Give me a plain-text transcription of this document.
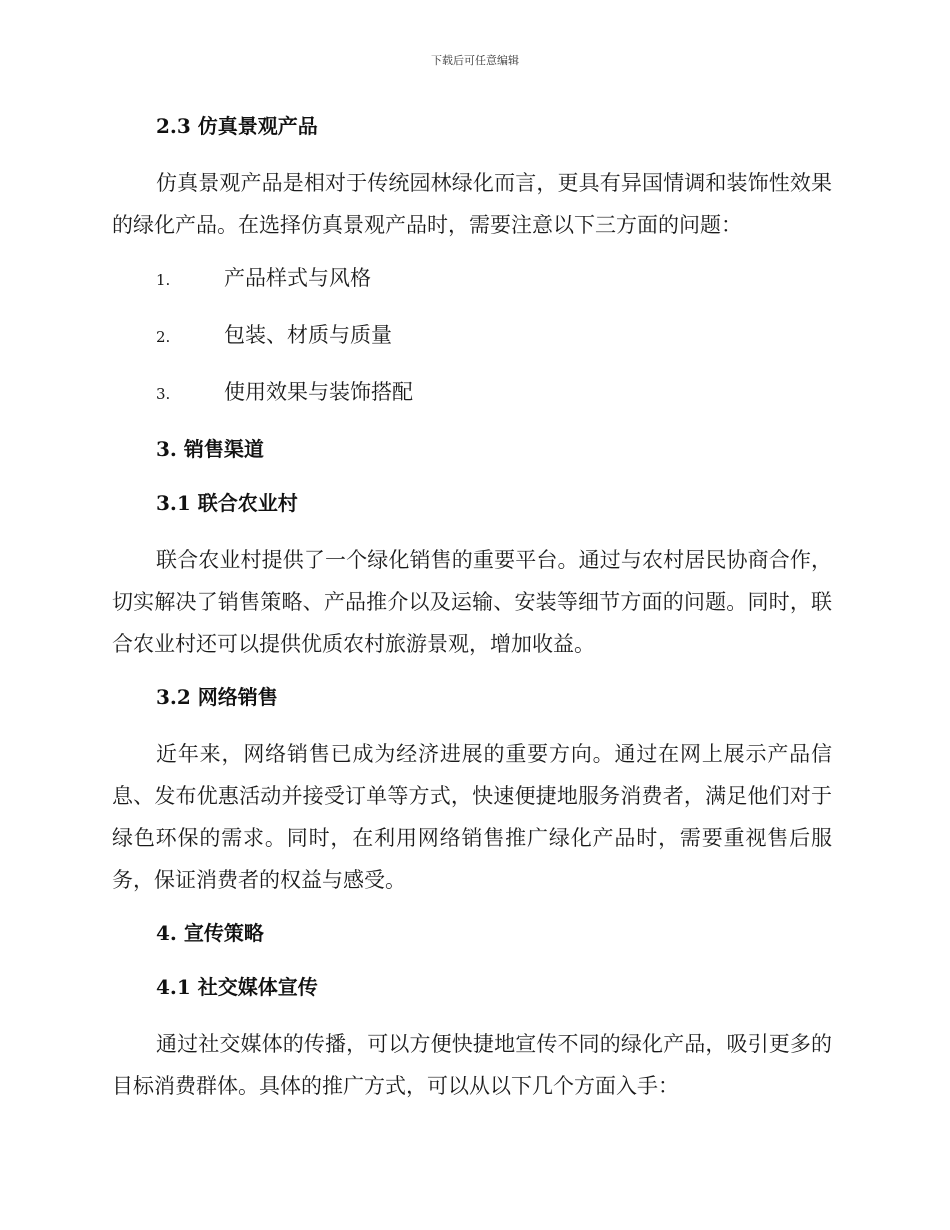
下载后可任意编辑
2.3 仿真景观产品

仿真景观产品是相对于传统园林绿化而言，更具有异国情调和装饰性效果的绿化产品。在选择仿真景观产品时，需要注意以下三方面的问题：

1.	产品样式与风格
2.	包装、材质与质量
3.	使用效果与装饰搭配
3. 销售渠道
3.1 联合农业村

联合农业村提供了一个绿化销售的重要平台。通过与农村居民协商合作，切实解决了销售策略、产品推介以及运输、安装等细节方面的问题。同时，联合农业村还可以提供优质农村旅游景观，增加收益。

3.2 网络销售

近年来，网络销售已成为经济进展的重要方向。通过在网上展示产品信息、发布优惠活动并接受订单等方式，快速便捷地服务消费者，满足他们对于绿色环保的需求。同时，在利用网络销售推广绿化产品时，需要重视售后服务，保证消费者的权益与感受。

4. 宣传策略
4.1 社交媒体宣传

通过社交媒体的传播，可以方便快捷地宣传不同的绿化产品，吸引更多的目标消费群体。具体的推广方式，可以从以下几个方面入手：
